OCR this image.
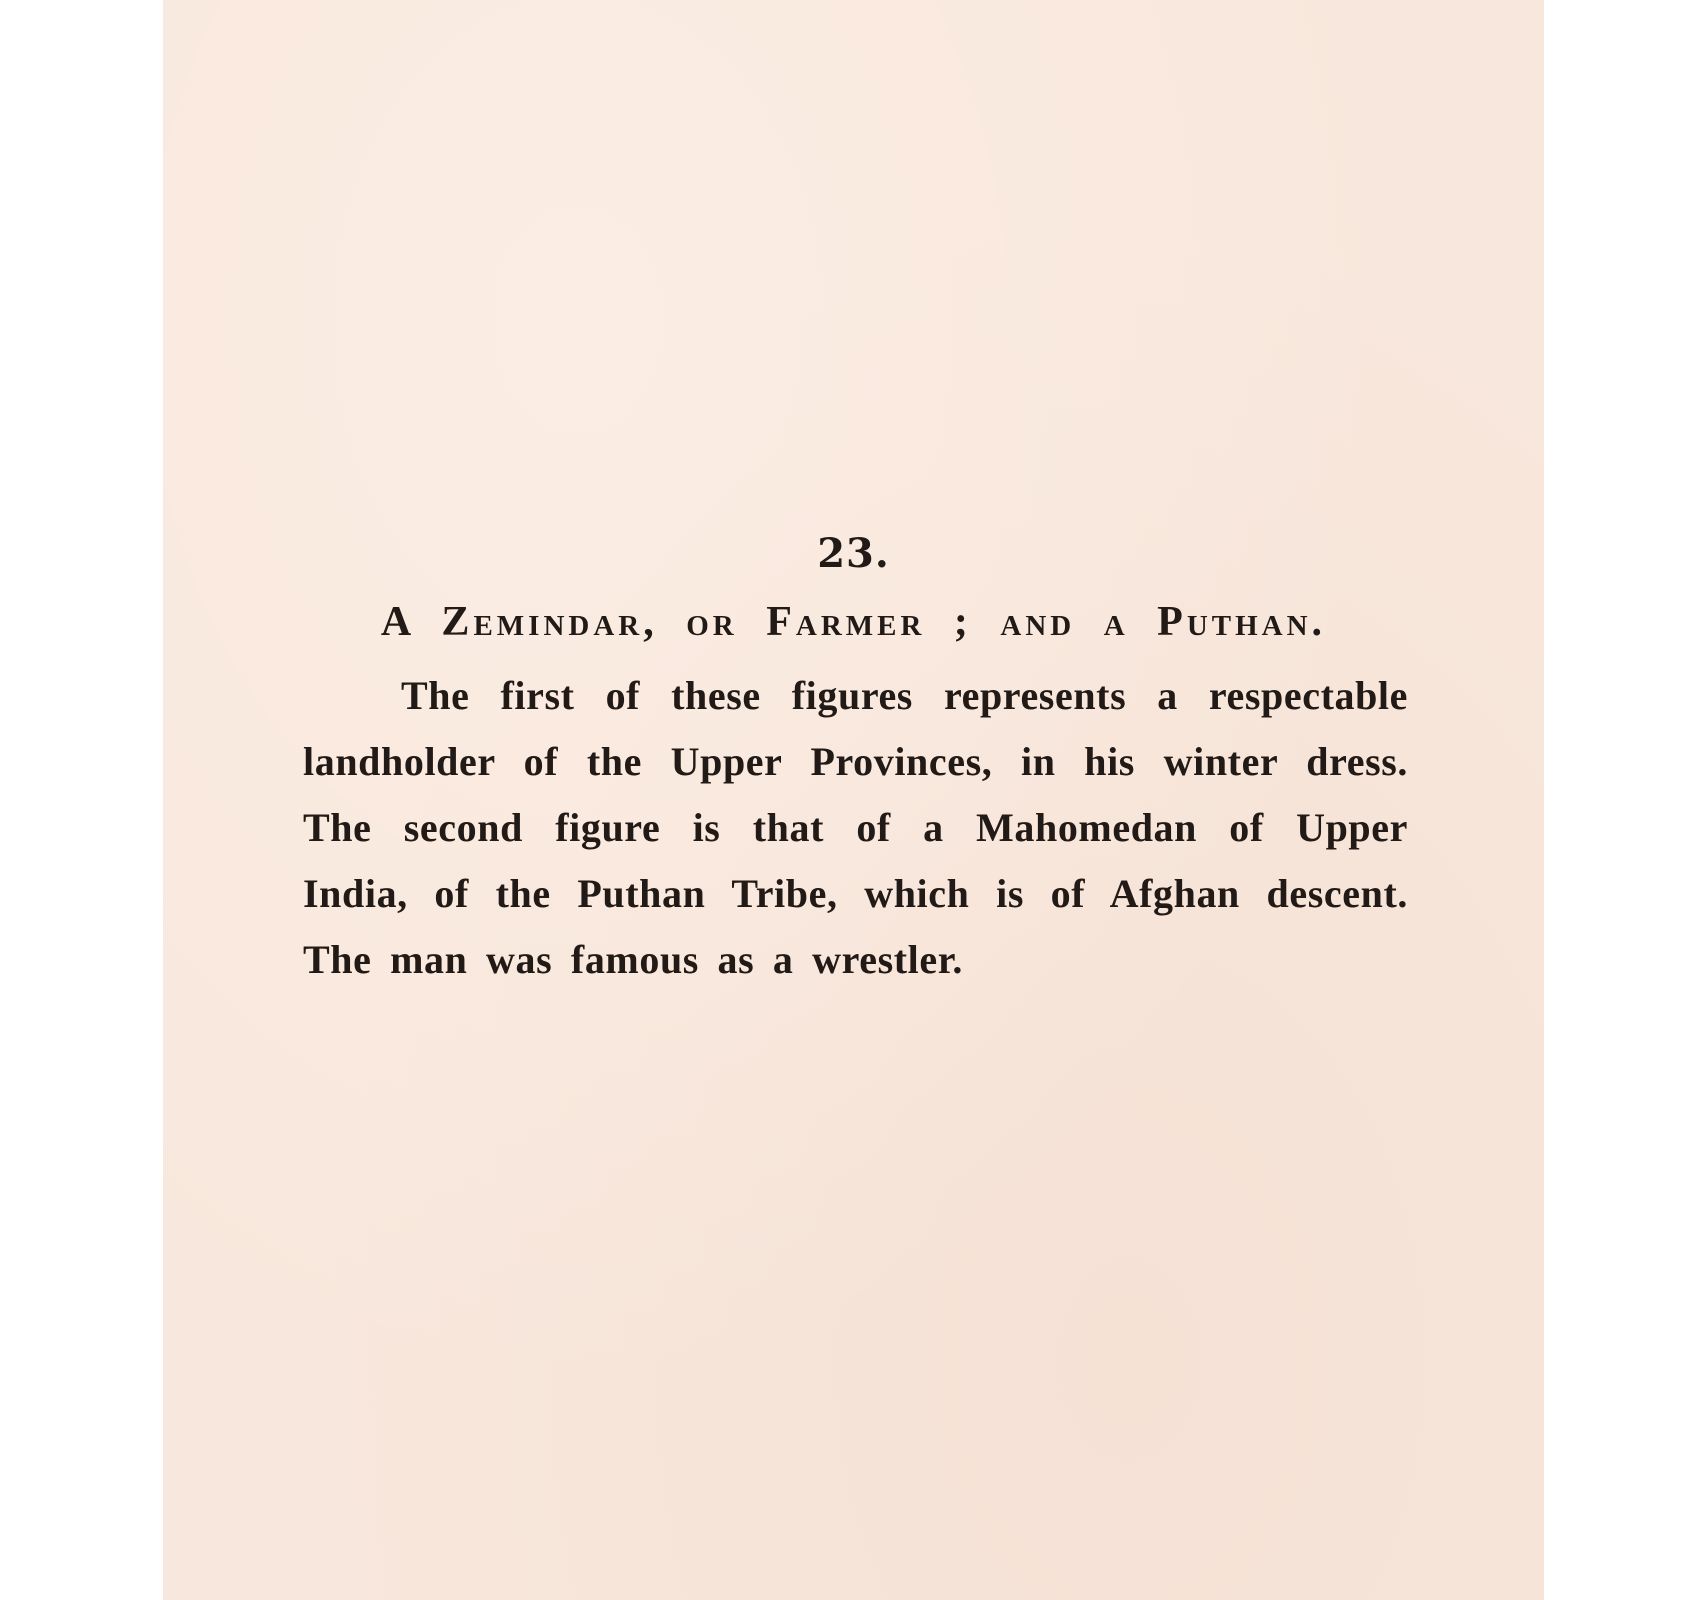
23.
A Zemindar, or Farmer ; and a Puthan.
The first of these figures represents a respectable
landholder of the Upper Provinces, in his winter dress.
The second figure is that of a Mahomedan of Upper
India, of the Puthan Tribe, which is of Afghan descent.
The man was famous as a wrestler.
